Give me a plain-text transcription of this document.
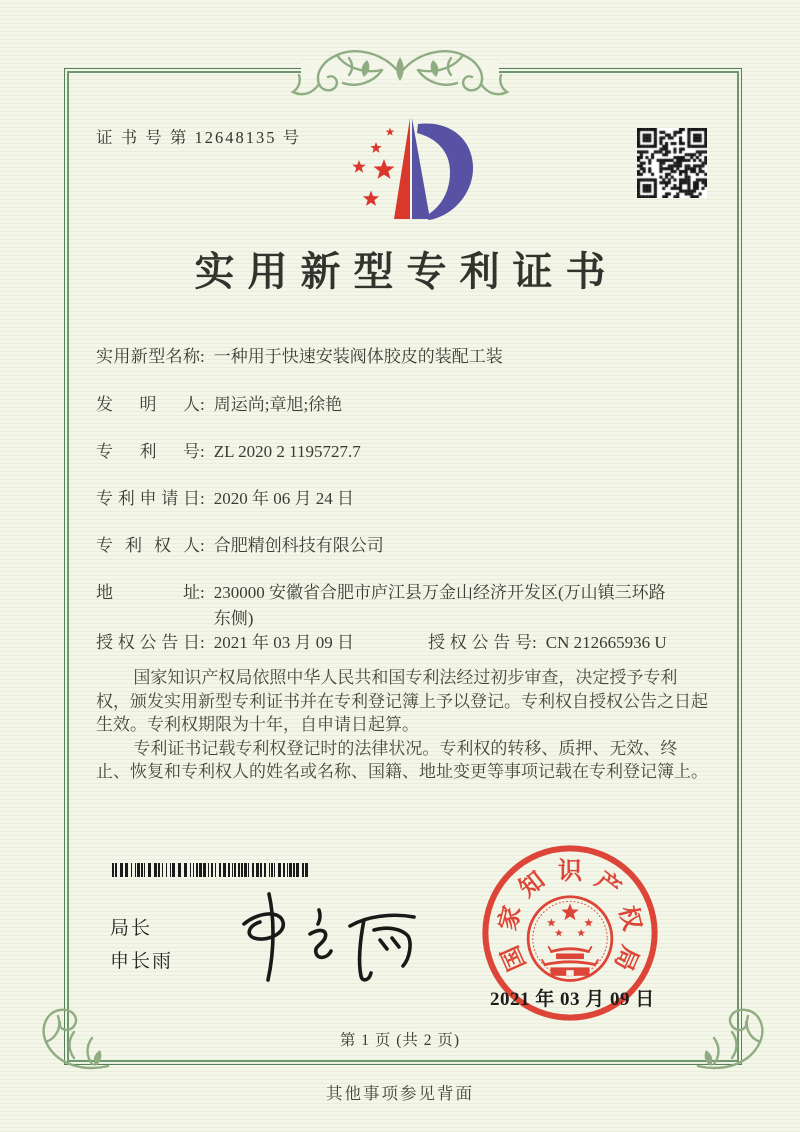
证 书 号 第 12648135 号
实用新型专利证书
实用新型名称: 一种用于快速安装阀体胶皮的装配工装
发明人: 周运尚;章旭;徐艳
专利号: ZL 2020 2 1195727.7
专利申请日: 2020 年 06 月 24 日
专利权人: 合肥精创科技有限公司
地址: 230000 安徽省合肥市庐江县万金山经济开发区(万山镇三环路东侧)
授权公告日: 2021 年 03 月 09 日	授权公告号: CN 212665936 U

国家知识产权局依照中华人民共和国专利法经过初步审查，决定授予专利权，颁发实用新型专利证书并在专利登记簿上予以登记。专利权自授权公告之日起生效。专利权期限为十年，自申请日起算。

专利证书记载专利权登记时的法律状况。专利权的转移、质押、无效、终止、恢复和专利权人的姓名或名称、国籍、地址变更等事项记载在专利登记簿上。

局长
申长雨	国
家
知 识 产
权
局
2021 年 03 月 09 日
第 1 页 (共 2 页)
其他事项参见背面
